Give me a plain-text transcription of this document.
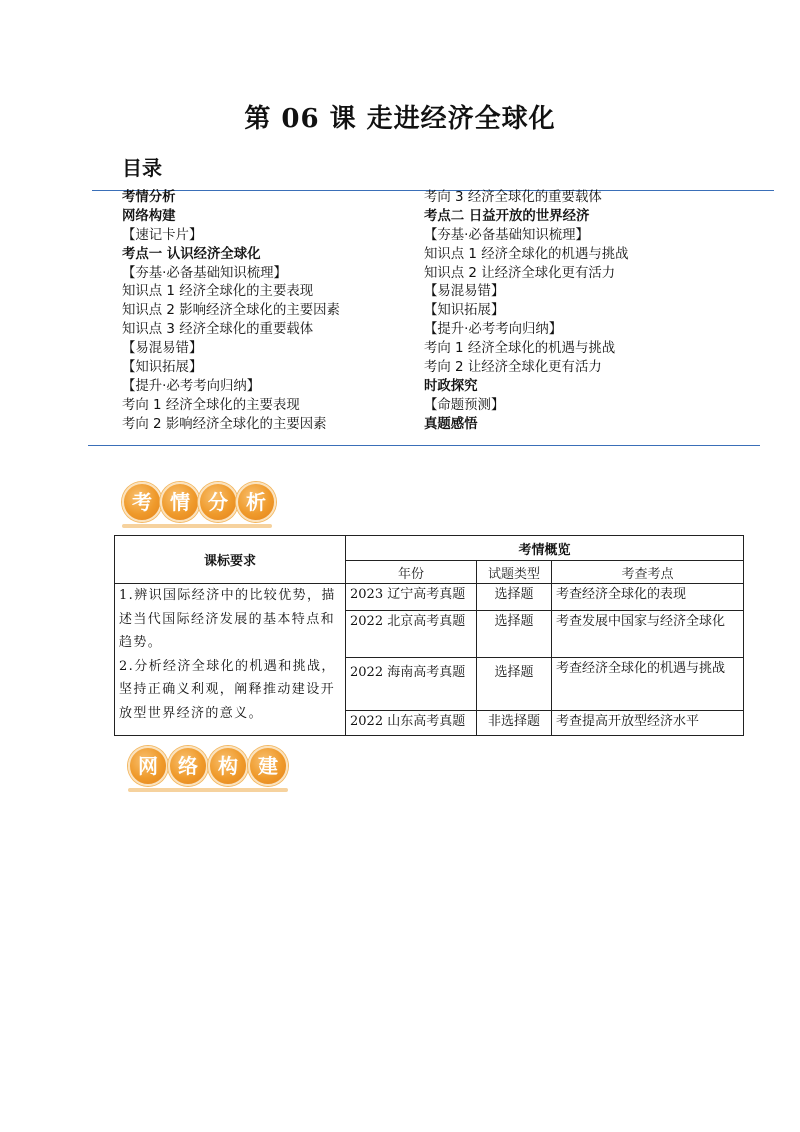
第 06 课 走进经济全球化
目录
考情分析
网络构建
【速记卡片】
考点一 认识经济全球化
【夯基·必备基础知识梳理】
知识点 1 经济全球化的主要表现
知识点 2 影响经济全球化的主要因素
知识点 3 经济全球化的重要载体
【易混易错】
【知识拓展】
【提升·必考考向归纳】
考向 1 经济全球化的主要表现
考向 2 影响经济全球化的主要因素
考向 3 经济全球化的重要载体
考点二 日益开放的世界经济
【夯基·必备基础知识梳理】
知识点 1 经济全球化的机遇与挑战
知识点 2 让经济全球化更有活力
【易混易错】
【知识拓展】
【提升·必考考向归纳】
考向 1 经济全球化的机遇与挑战
考向 2 让经济全球化更有活力
时政探究
【命题预测】
真题感悟
考 情 分 析
课标要求	考情概览		
	年份	试题类型	考查考点

1.辨识国际经济中的比较优势，描述当代国际经济发展的基本特点和趋势。

2.分析经济全球化的机遇和挑战，坚持正确义利观，阐释推动建设开放型世界经济的意义。	2023 辽宁高考真题	选择题	考查经济全球化的表现
	2022 北京高考真题	选择题	考查发展中国家与经济全球化
	2022 海南高考真题	选择题	考查经济全球化的机遇与挑战
	2022 山东高考真题	非选择题	考查提高开放型经济水平
网	络	构	建
